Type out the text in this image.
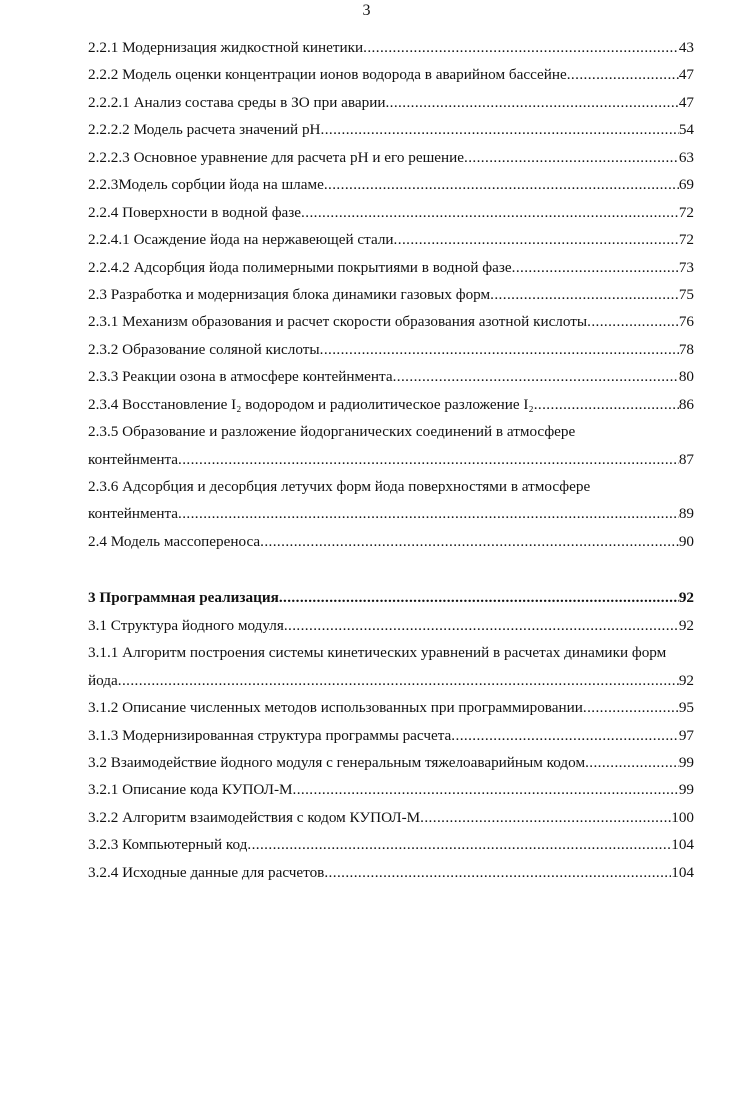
3
2.2.1 Модернизация жидкостной кинетики .....	43
2.2.2 Модель оценки концентрации ионов водорода в аварийном бассейне .....	47
2.2.2.1 Анализ состава среды в ЗО при аварии .....	47
2.2.2.2 Модель расчета значений pH .....	54
2.2.2.3 Основное уравнение для расчета pH и его решение .....	63
2.2.3Модель сорбции йода на шламе .....	69
2.2.4 Поверхности в водной фазе .....	72
2.2.4.1 Осаждение йода на нержавеющей стали .....	72
2.2.4.2 Адсорбция йода полимерными покрытиями в водной фазе .....	73
2.3 Разработка и модернизация блока динамики газовых форм .....	75
2.3.1 Механизм образования и расчет скорости образования азотной кислоты .....	76
2.3.2 Образование соляной кислоты .....	78
2.3.3 Реакции озона в атмосфере контейнмента .....	80
2.3.4 Восстановление I₂ водородом и радиолитическое разложение I₂ .....	86
2.3.5 Образование и разложение йодорганических соединений в атмосфере
контейнмента .....	87
2.3.6 Адсорбция и десорбция летучих форм йода поверхностями в атмосфере
контейнмента .....	89
2.4 Модель массопереноса .....	90
3 Программная реализация .....	92
3.1 Структура йодного модуля .....	92
3.1.1 Алгоритм построения системы кинетических уравнений в расчетах динамики форм
йода .....	92
3.1.2 Описание численных методов использованных при программировании .....	95
3.1.3 Модернизированная структура программы расчета .....	97
3.2 Взаимодействие йодного модуля с генеральным тяжелоаварийным кодом .....	99
3.2.1 Описание кода КУПОЛ-М .....	99
3.2.2 Алгоритм взаимодействия с кодом КУПОЛ-М .....	100
3.2.3 Компьютерный код .....	104
3.2.4 Исходные данные для расчетов .....	104
